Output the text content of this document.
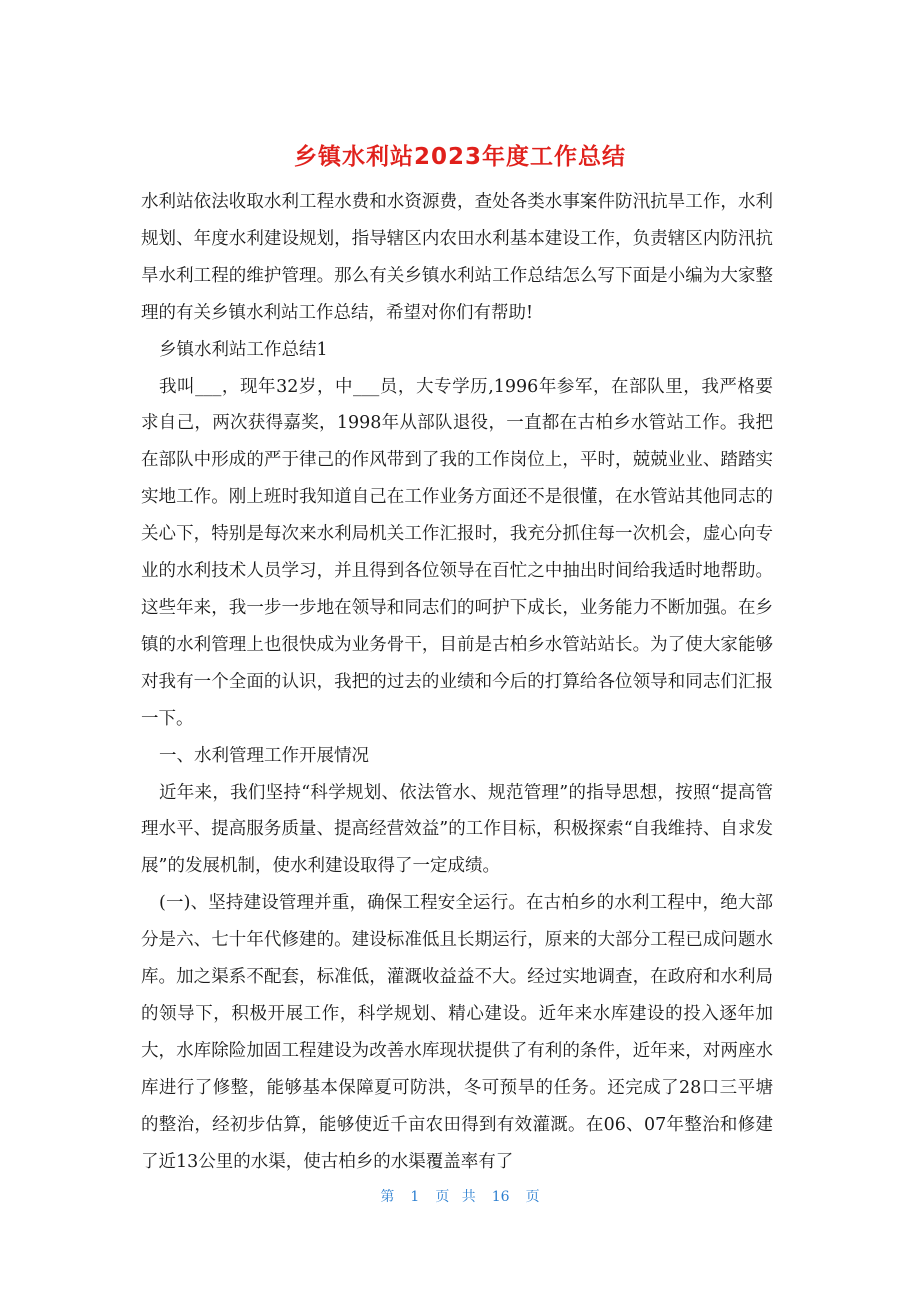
乡镇水利站2023年度工作总结

水利站依法收取水利工程水费和水资源费，查处各类水事案件防汛抗旱工作，水利规划、年度水利建设规划，指导辖区内农田水利基本建设工作，负责辖区内防汛抗旱水利工程的维护管理。那么有关乡镇水利站工作总结怎么写下面是小编为大家整理的有关乡镇水利站工作总结，希望对你们有帮助!

乡镇水利站工作总结1

我叫___，现年32岁，中___员，大专学历,1996年参军，在部队里，我严格要求自己，两次获得嘉奖，1998年从部队退役，一直都在古柏乡水管站工作。我把在部队中形成的严于律己的作风带到了我的工作岗位上，平时，兢兢业业、踏踏实实地工作。刚上班时我知道自己在工作业务方面还不是很懂，在水管站其他同志的关心下，特别是每次来水利局机关工作汇报时，我充分抓住每一次机会，虚心向专业的水利技术人员学习，并且得到各位领导在百忙之中抽出时间给我适时地帮助。这些年来，我一步一步地在领导和同志们的呵护下成长，业务能力不断加强。在乡镇的水利管理上也很快成为业务骨干，目前是古柏乡水管站站长。为了使大家能够对我有一个全面的认识，我把的过去的业绩和今后的打算给各位领导和同志们汇报一下。

一、水利管理工作开展情况

近年来，我们坚持“科学规划、依法管水、规范管理”的指导思想，按照“提高管理水平、提高服务质量、提高经营效益”的工作目标，积极探索“自我维持、自求发展”的发展机制，使水利建设取得了一定成绩。

(一)、坚持建设管理并重，确保工程安全运行。在古柏乡的水利工程中，绝大部分是六、七十年代修建的。建设标准低且长期运行，原来的大部分工程已成问题水库。加之渠系不配套，标准低，灌溉收益益不大。经过实地调查，在政府和水利局的领导下，积极开展工作，科学规划、精心建设。近年来水库建设的投入逐年加大，水库除险加固工程建设为改善水库现状提供了有利的条件，近年来，对两座水库进行了修整，能够基本保障夏可防洪，冬可预旱的任务。还完成了28口三平塘的整治，经初步估算，能够使近千亩农田得到有效灌溉。在06、07年整治和修建了近13公里的水渠，使古柏乡的水渠覆盖率有了

第 1 页 共 16 页
